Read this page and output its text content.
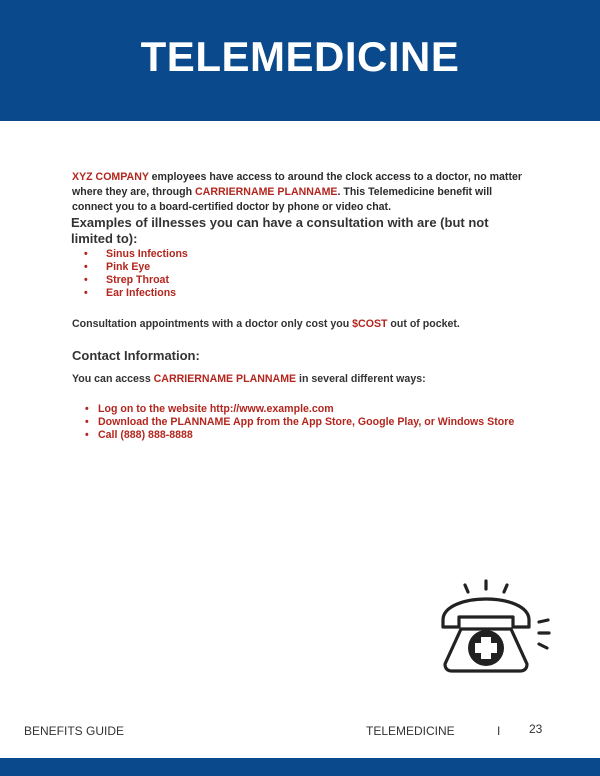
TELEMEDICINE
XYZ COMPANY employees have access to around the clock access to a doctor, no matter where they are, through CARRIERNAME PLANNAME. This Telemedicine benefit will connect you to a board-certified doctor by phone or video chat.
Examples of illnesses you can have a consultation with are (but not limited to):
• Sinus Infections
• Pink Eye
• Strep Throat
• Ear Infections
Consultation appointments with a doctor only cost you $COST out of pocket.
Contact Information:
You can access CARRIERNAME PLANNAME in several different ways:
• Log on to the website http://www.example.com
• Download the PLANNAME App from the App Store, Google Play, or Windows Store
• Call (888) 888-8888
BENEFITS GUIDE	TELEMEDICINE	I 23
